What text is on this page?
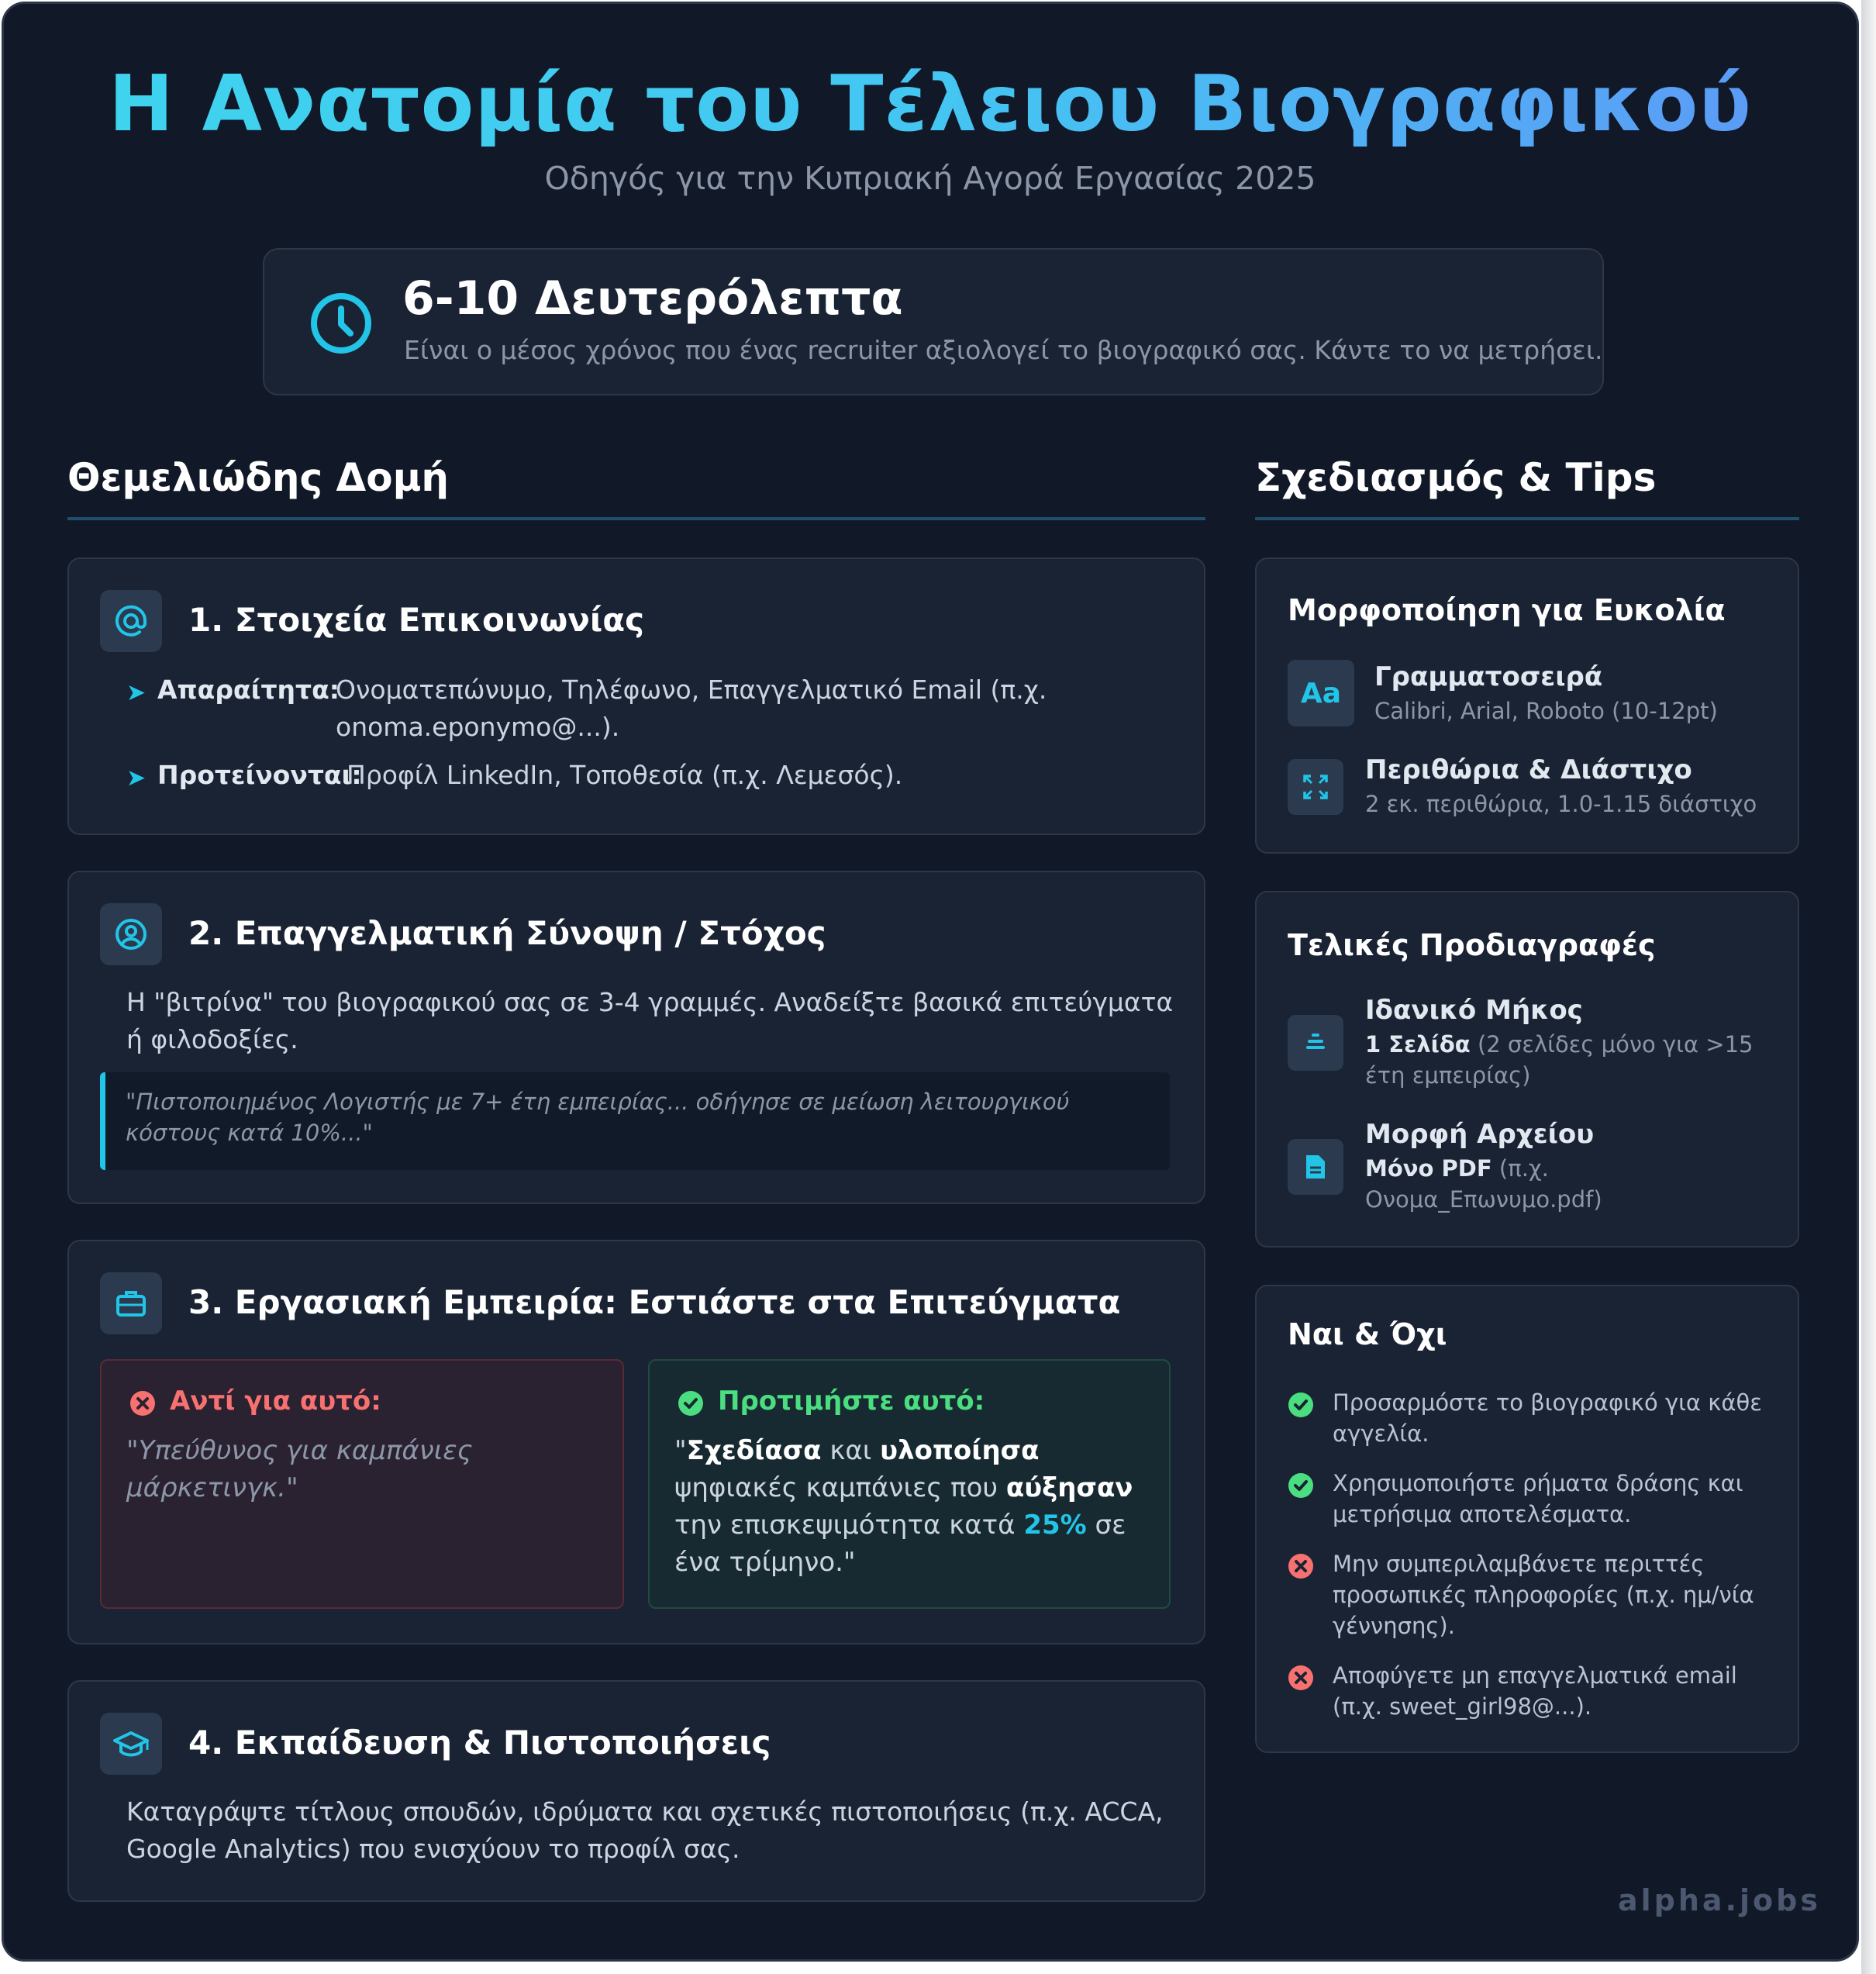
Η Ανατομία του Τέλειου Βιογραφικού
Οδηγός για την Κυπριακή Αγορά Εργασίας 2025
6-10 Δευτερόλεπτα
Είναι ο μέσος χρόνος που ένας recruiter αξιολογεί το βιογραφικό σας. Κάντε το να μετρήσει.
Θεμελιώδης Δομή
1. Στοιχεία Επικοινωνίας
➤ Απαραίτητα:
Ονοματεπώνυμο, Τηλέφωνο, Επαγγελματικό Email (π.χ.
onoma.eponymo@...).
➤ Προτείνονται:
Προφίλ LinkedIn, Τοποθεσία (π.χ. Λεμεσός).
2. Επαγγελματική Σύνοψη / Στόχος
Η "βιτρίνα" του βιογραφικού σας σε 3-4 γραμμές. Αναδείξτε βασικά επιτεύγματα ή φιλοδοξίες.
"Πιστοποιημένος Λογιστής με 7+ έτη εμπειρίας... οδήγησε σε μείωση λειτουργικού κόστους κατά 10%..."
3. Εργασιακή Εμπειρία: Εστιάστε στα Επιτεύγματα
Αντί για αυτό:
"Υπεύθυνος για καμπάνιες μάρκετινγκ."
Προτιμήστε αυτό:
"Σχεδίασα και υλοποίησα ψηφιακές καμπάνιες που αύξησαν την επισκεψιμότητα κατά 25% σε ένα τρίμηνο."
4. Εκπαίδευση & Πιστοποιήσεις
Καταγράψτε τίτλους σπουδών, ιδρύματα και σχετικές πιστοποιήσεις (π.χ. ACCA, Google Analytics) που ενισχύουν το προφίλ σας.
Σχεδιασμός & Tips
Μορφοποίηση για Ευκολία
Aa
Γραμματοσειρά
Calibri, Arial, Roboto (10-12pt)
Περιθώρια & Διάστιχο
2 εκ. περιθώρια, 1.0-1.15 διάστιχο
Τελικές Προδιαγραφές
Ιδανικό Μήκος
1 Σελίδα (2 σελίδες μόνο για >15 έτη εμπειρίας)
Μορφή Αρχείου
Μόνο PDF (π.χ. Ονομα_Επωνυμο.pdf)
Ναι & Όχι
Προσαρμόστε το βιογραφικό για κάθε αγγελία.
Χρησιμοποιήστε ρήματα δράσης και μετρήσιμα αποτελέσματα.
Μην συμπεριλαμβάνετε περιττές προσωπικές πληροφορίες (π.χ. ημ/νία γέννησης).
Αποφύγετε μη επαγγελματικά email (π.χ. sweet_girl98@...).
alpha.jobs
